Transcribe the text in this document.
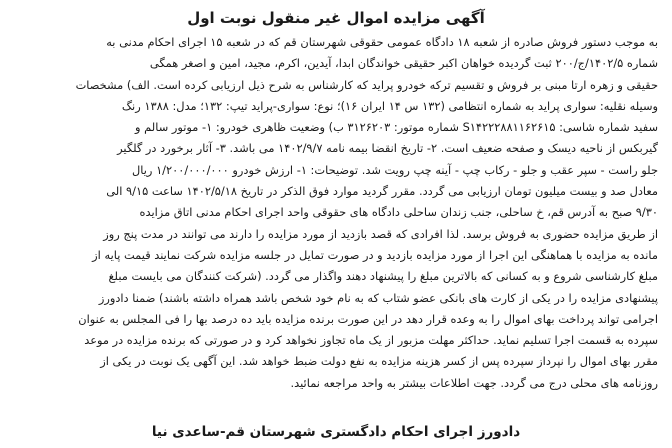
آگهی مزایده اموال غیر منقول نوبت اول
به موجب دستور فروش صادره از شعبه ۱۸ دادگاه عمومی حقوقی شهرستان قم که در شعبه ۱۵ اجرای احکام مدنی به
شماره ۱۴۰۲/۵/ج/۲۰۰ ثبت گردیده خواهان اکبر حقیقی خواندگان ابدا، آیدین، اکرم، مجید، امین و اصغر همگی
حقیقی و زهره ارتا مبنی بر فروش و تقسیم ترکه خودرو پراید که کارشناس به شرح ذیل ارزیابی کرده است. الف) مشخصات
وسیله نقلیه: سواری پراید به شماره انتظامی (۱۳۲ س ۱۴ ایران ۱۶)؛ نوع: سواری-پراید تیپ: ۱۳۲؛ مدل: ۱۳۸۸ رنگ
سفید شماره شاسی: S۱۴۲۲۲۸۸۱۱۶۲۶۱۵ شماره موتور: ۳۱۲۶۲۰۳ ب) وضعیت ظاهری خودرو: ۱- موتور سالم و
گیربکس از ناحیه دیسک و صفحه ضعیف است. ۲- تاریخ انقضا بیمه نامه ۱۴۰۲/۹/۷ می باشد. ۳- آثار برخورد در گلگیر
جلو راست - سپر عقب و جلو - رکاب چپ - آینه چپ رویت شد. توضیحات: ۱- ارزش خودرو ۱/۲۰۰/۰۰۰/۰۰۰ ریال
معادل صد و بیست میلیون تومان ارزیابی می گردد. مقرر گردید موارد فوق الذکر در تاریخ ۱۴۰۲/۵/۱۸ ساعت ۹/۱۵ الی
۹/۳۰ صبح به آدرس قم، خ ساحلی، جنب زندان ساحلی دادگاه های حقوقی واحد اجرای احکام مدنی اتاق مزایده
از طریق مزایده حضوری به فروش برسد. لذا افرادی که قصد بازدید از مورد مزایده را دارند می توانند در مدت پنج روز
مانده به مزایده با هماهنگی این اجرا از مورد مزایده بازدید و در صورت تمایل در جلسه مزایده شرکت نمایند قیمت پایه از
مبلغ کارشناسی شروع و به کسانی که بالاترین مبلغ را پیشنهاد دهند واگذار می گردد. (شرکت کنندگان می بایست مبلغ
پیشنهادی مزایده را در یکی از کارت های بانکی عضو شتاب که به نام خود شخص باشد همراه داشته باشند) ضمنا دادورز
اجرامی تواند پرداخت بهای اموال را به وعده قرار دهد در این صورت برنده مزایده باید ده درصد بها را فی المجلس به عنوان
سپرده به قسمت اجرا تسلیم نماید. حداکثر مهلت مزبور از یک ماه تجاوز نخواهد کرد و در صورتی که برنده مزایده در موعد
مقرر بهای اموال را نپرداز سپرده پس از کسر هزینه مزایده به نفع دولت ضبط خواهد شد. این آگهی یک نوبت در یکی از
روزنامه های محلی درج می گردد. جهت اطلاعات بیشتر به واحد مراجعه نمائید.
دادورز اجرای احکام دادگستری شهرستان قم-ساعدی نیا
